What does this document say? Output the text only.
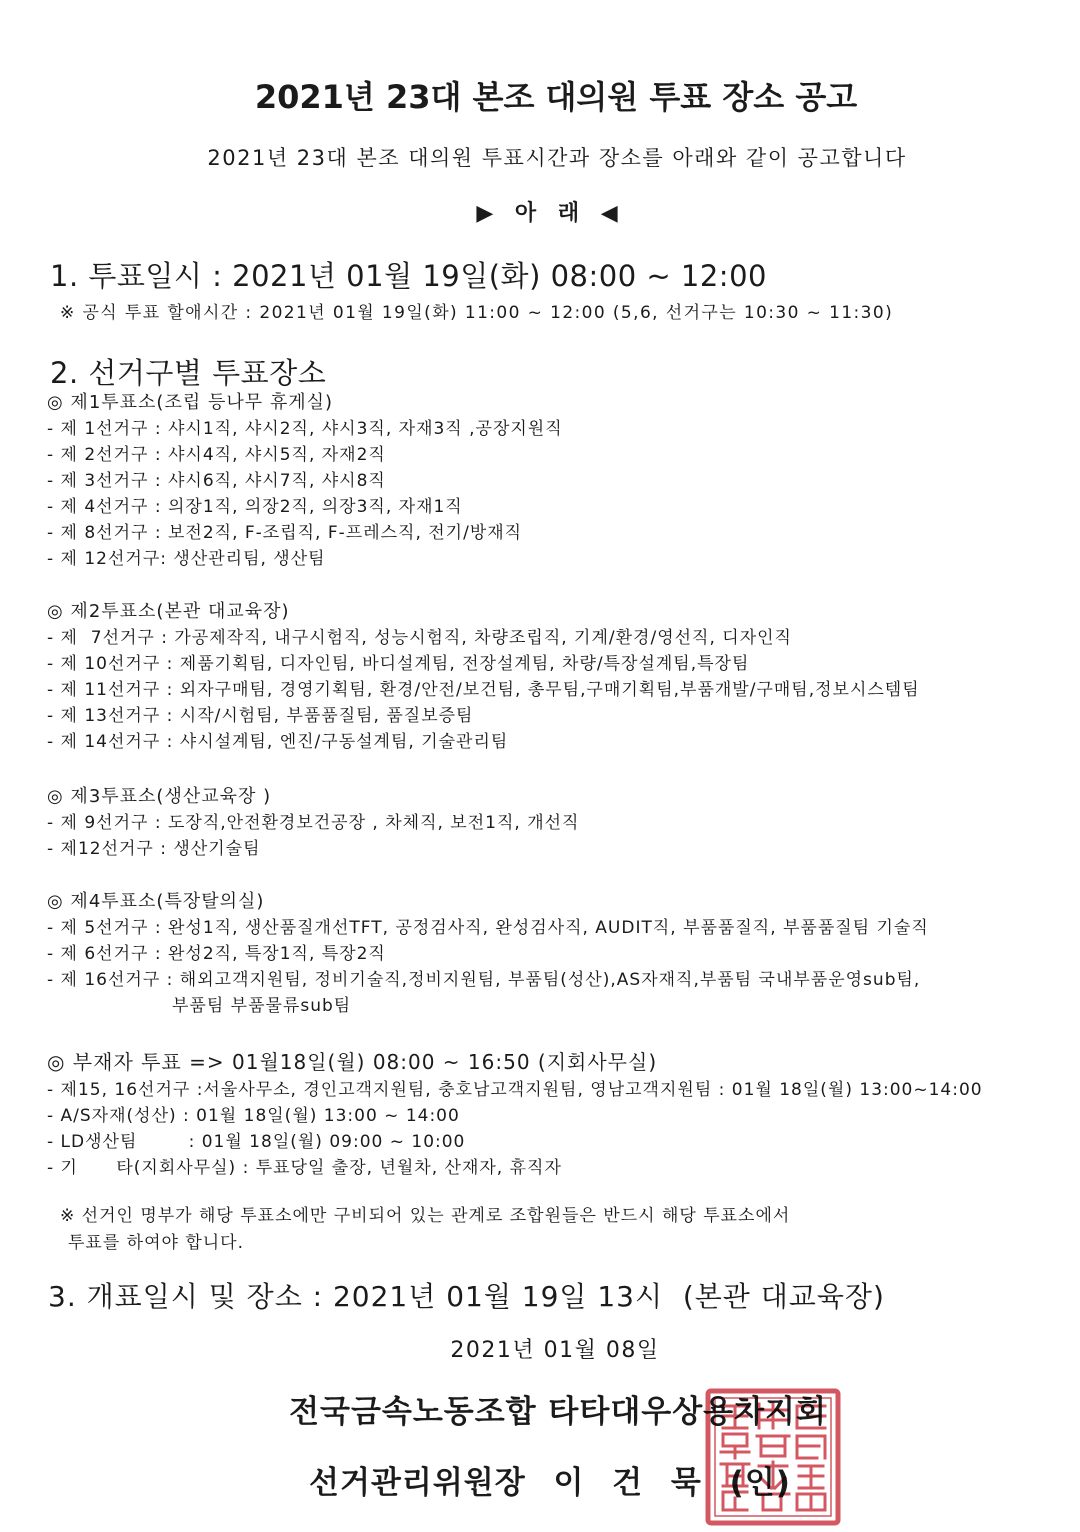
2021년 23대 본조 대의원 투표 장소 공고
2021년 23대 본조 대의원 투표시간과 장소를 아래와 같이 공고합니다
▶ 아 래 ◀
1. 투표일시 : 2021년 01월 19일(화) 08:00 ~ 12:00
※ 공식 투표 할애시간 : 2021년 01월 19일(화) 11:00 ~ 12:00 (5,6, 선거구는 10:30 ~ 11:30)
2. 선거구별 투표장소
◎ 제1투표소(조립 등나무 휴게실)
- 제 1선거구 : 샤시1직, 샤시2직, 샤시3직, 자재3직 ,공장지원직
- 제 2선거구 : 샤시4직, 샤시5직, 자재2직
- 제 3선거구 : 샤시6직, 샤시7직, 샤시8직
- 제 4선거구 : 의장1직, 의장2직, 의장3직, 자재1직
- 제 8선거구 : 보전2직, F-조립직, F-프레스직, 전기/방재직
- 제 12선거구: 생산관리팀, 생산팀
◎ 제2투표소(본관 대교육장)
- 제  7선거구 : 가공제작직, 내구시험직, 성능시험직, 차량조립직, 기계/환경/영선직, 디자인직
- 제 10선거구 : 제품기획팀, 디자인팀, 바디설계팀, 전장설계팀, 차량/특장설계팀,특장팀
- 제 11선거구 : 외자구매팀, 경영기획팀, 환경/안전/보건팀, 총무팀,구매기획팀,부품개발/구매팀,정보시스템팀
- 제 13선거구 : 시작/시험팀, 부품품질팀, 품질보증팀
- 제 14선거구 : 샤시설계팀, 엔진/구동설계팀, 기술관리팀
◎ 제3투표소(생산교육장 )
- 제 9선거구 : 도장직,안전환경보건공장 , 차체직, 보전1직, 개선직
- 제12선거구 : 생산기술팀
◎ 제4투표소(특장탈의실)
- 제 5선거구 : 완성1직, 생산품질개선TFT, 공정검사직, 완성검사직, AUDIT직, 부품품질직, 부품품질팀 기술직
- 제 6선거구 : 완성2직, 특장1직, 특장2직
- 제 16선거구 : 해외고객지원팀, 정비기술직,정비지원팀, 부품팀(성산),AS자재직,부품팀 국내부품운영sub팀,
부품팀 부품물류sub팀
◎ 부재자 투표 => 01월18일(월) 08:00 ~ 16:50 (지회사무실)
- 제15, 16선거구 :서울사무소, 경인고객지원팀, 충호남고객지원팀, 영남고객지원팀 : 01월 18일(월) 13:00~14:00
- A/S자재(성산) : 01월 18일(월) 13:00 ~ 14:00
- LD생산팀        : 01월 18일(월) 09:00 ~ 10:00
- 기      타(지회사무실) : 투표당일 출장, 년월차, 산재자, 휴직자
※ 선거인 명부가 해당 투표소에만 구비되어 있는 관계로 조합원들은 반드시 해당 투표소에서
투표를 하여야 합니다.
3. 개표일시 및 장소 : 2021년 01월 19일 13시  (본관 대교육장)
2021년 01월 08일
전국금속노동조합 타타대우상용차지회
선거관리위원장 이 건 묵 (인)
